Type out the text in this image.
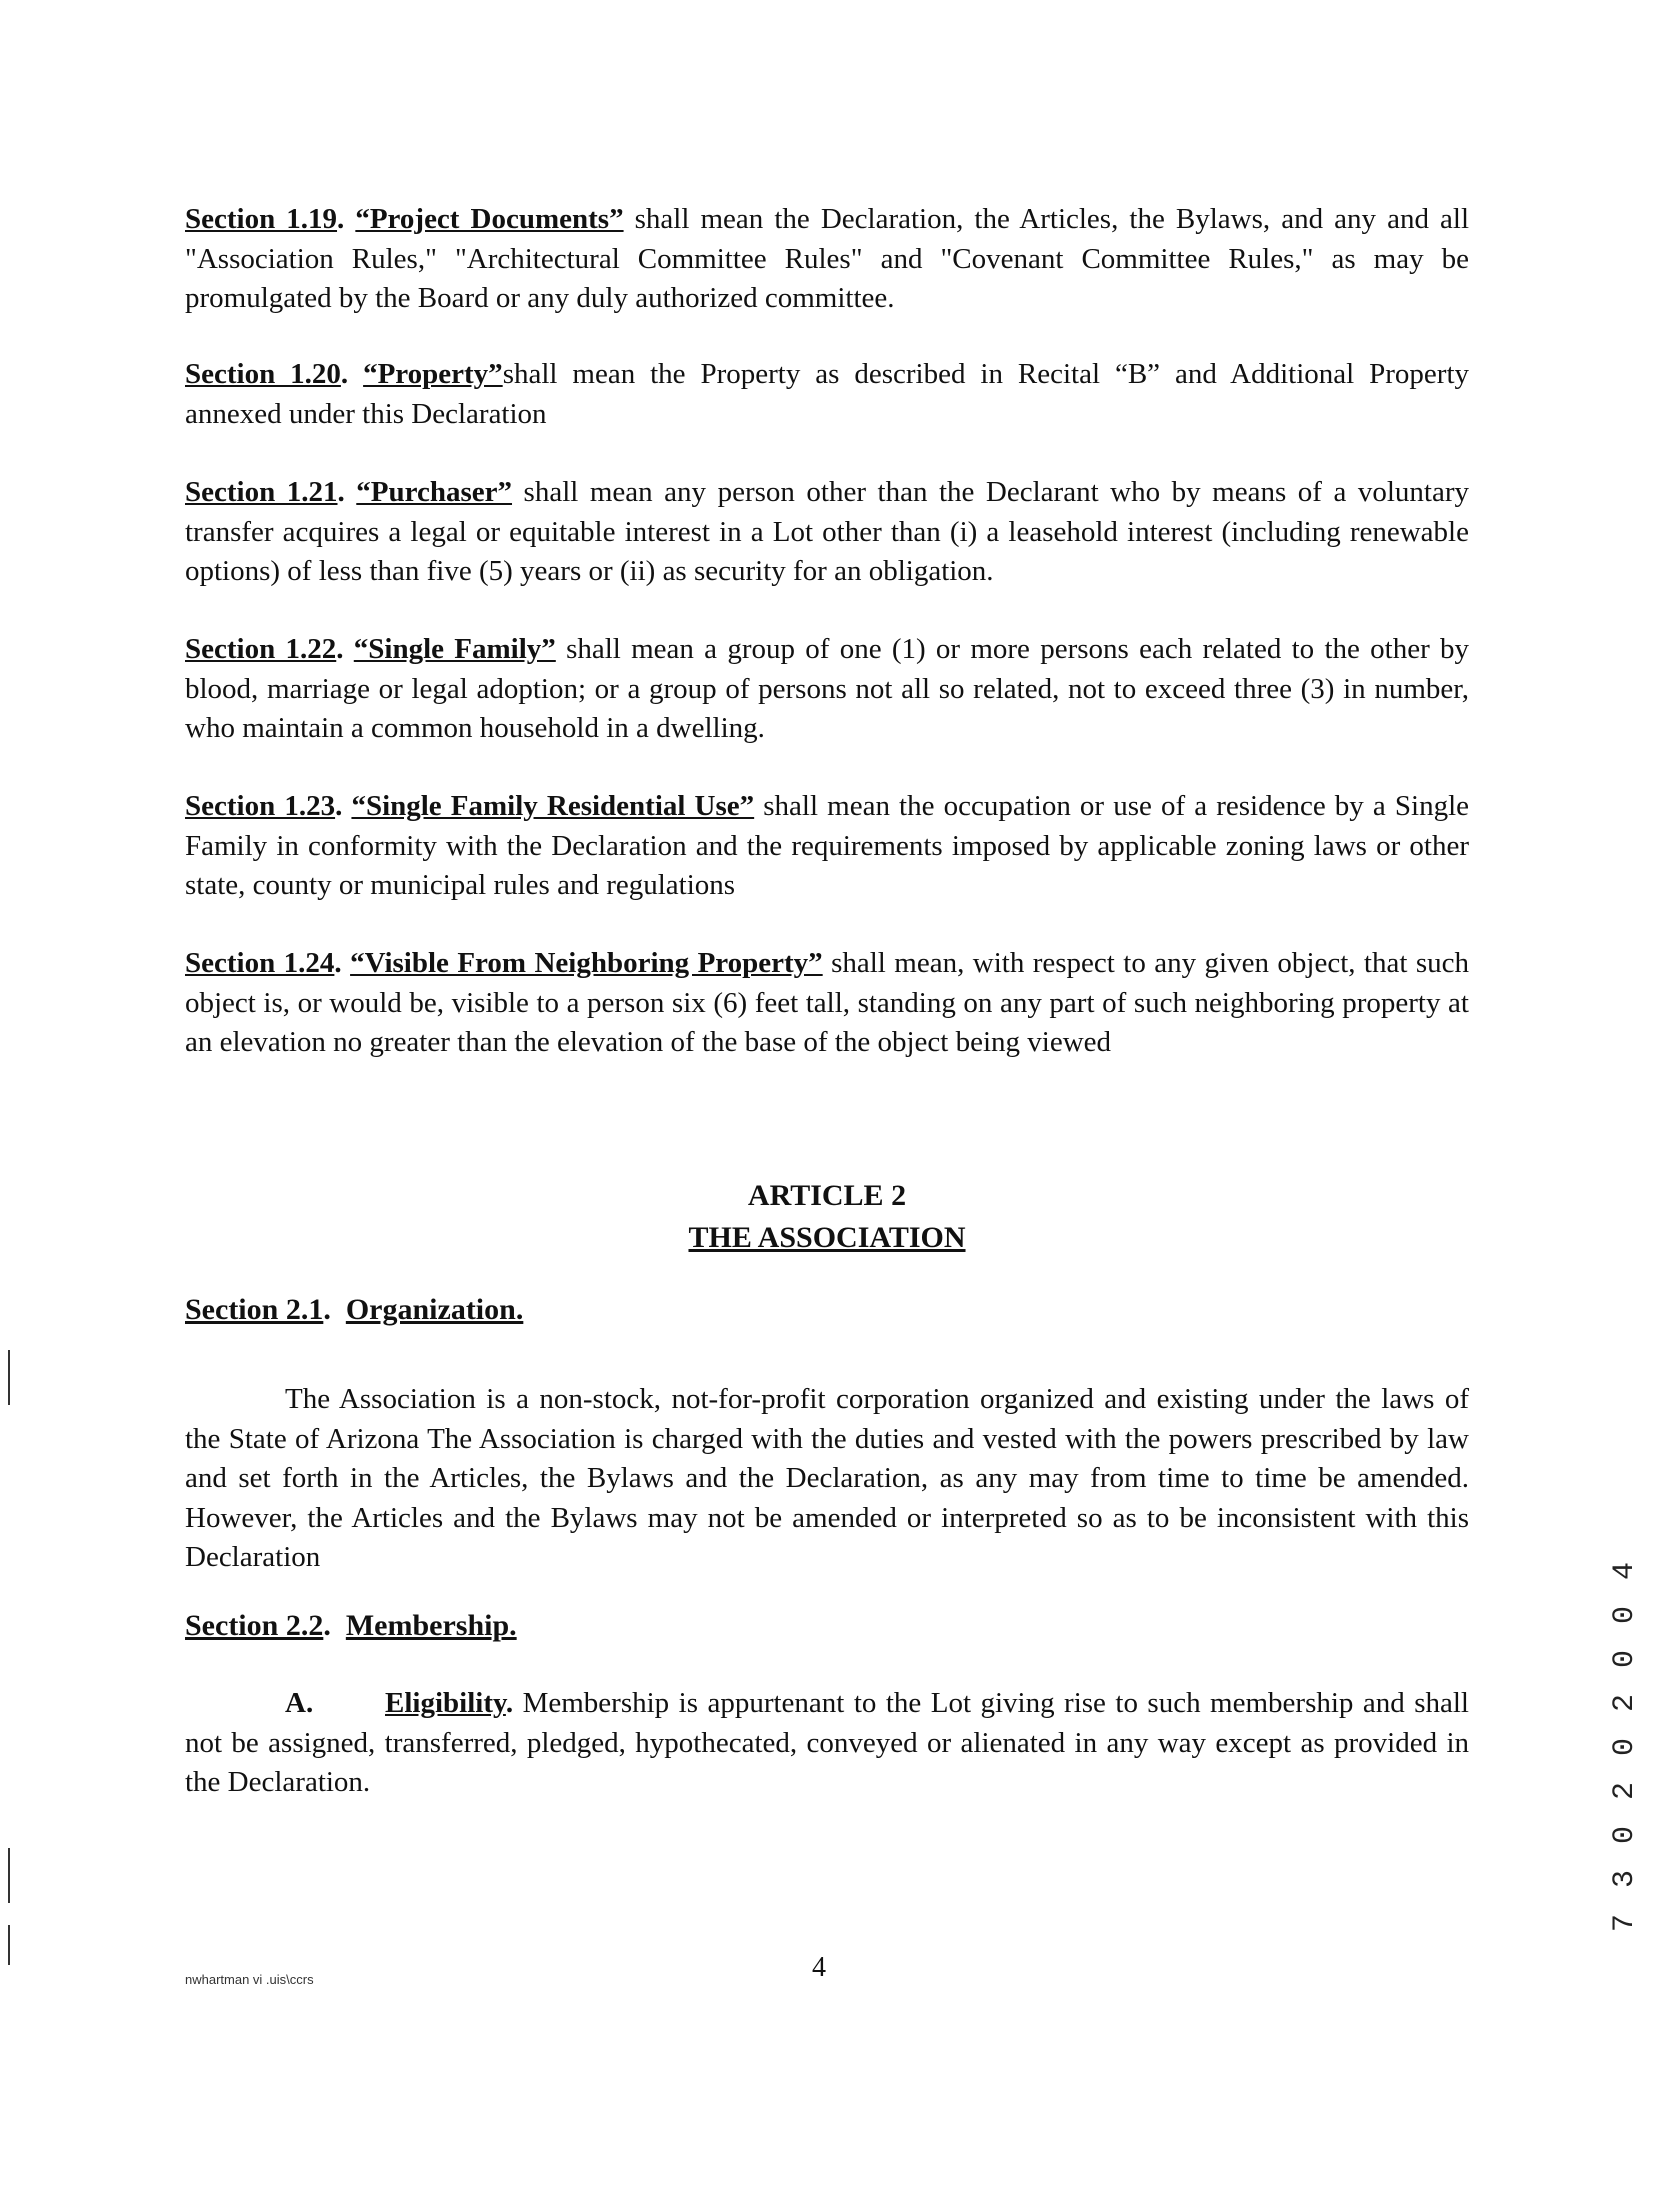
Section 1.19. “Project Documents” shall mean the Declaration, the Articles, the Bylaws, and any and all "Association Rules," "Architectural Committee Rules" and "Covenant Committee Rules," as may be promulgated by the Board or any duly authorized committee.
Section 1.20. “Property”shall mean the Property as described in Recital “B” and Additional Property annexed under this Declaration
Section 1.21. “Purchaser” shall mean any person other than the Declarant who by means of a voluntary transfer acquires a legal or equitable interest in a Lot other than (i) a leasehold interest (including renewable options) of less than five (5) years or (ii) as security for an obligation.
Section 1.22. “Single Family” shall mean a group of one (1) or more persons each related to the other by blood, marriage or legal adoption; or a group of persons not all so related, not to exceed three (3) in number, who maintain a common household in a dwelling.
Section 1.23. “Single Family Residential Use” shall mean the occupation or use of a residence by a Single Family in conformity with the Declaration and the requirements imposed by applicable zoning laws or other state, county or municipal rules and regulations
Section 1.24. “Visible From Neighboring Property” shall mean, with respect to any given object, that such object is, or would be, visible to a person six (6) feet tall, standing on any part of such neighboring property at an elevation no greater than the elevation of the base of the object being viewed
ARTICLE 2
THE ASSOCIATION
Section 2.1.  Organization.
The Association is a non-stock, not-for-profit corporation organized and existing under the laws of the State of Arizona The Association is charged with the duties and vested with the powers prescribed by law and set forth in the Articles, the Bylaws and the Declaration, as any may from time to time be amended. However, the Articles and the Bylaws may not be amended or interpreted so as to be inconsistent with this Declaration
Section 2.2.  Membership.
A. Eligibility. Membership is appurtenant to the Lot giving rise to such membership and shall not be assigned, transferred, pledged, hypothecated, conveyed or alienated in any way except as provided in the Declaration.
4
nwhartman vi .uis\ccrs
7 3 0 2 0 2 0 0 4
